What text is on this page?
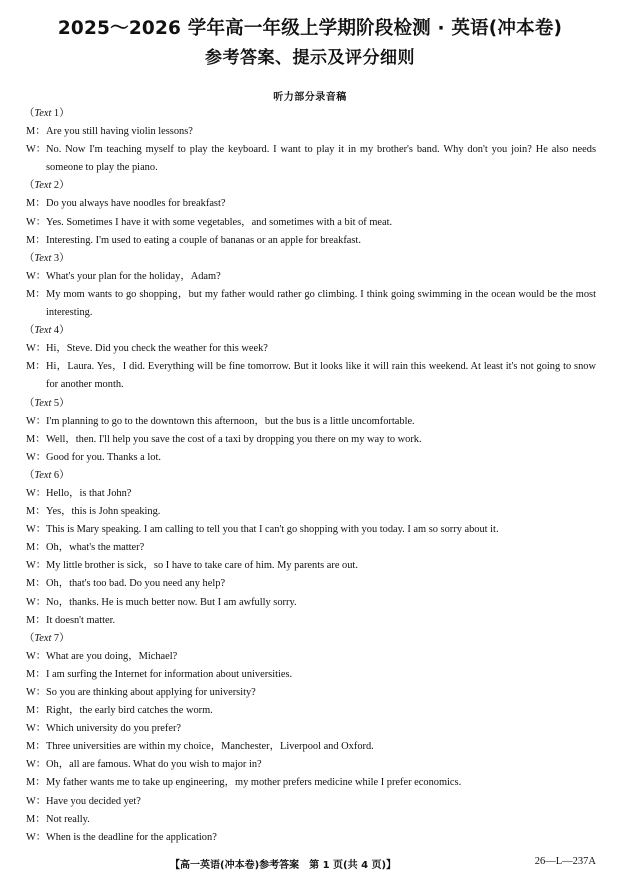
2025～2026 学年高一年级上学期阶段检测 · 英语(冲本卷)
参考答案、提示及评分细则
听力部分录音稿
（Text 1）
M： Are you still having violin lessons?
W： No. Now I'm teaching myself to play the keyboard. I want to play it in my brother's band. Why don't you join? He also needs someone to play the piano.
（Text 2）
M： Do you always have noodles for breakfast?
W： Yes. Sometimes I have it with some vegetables，and sometimes with a bit of meat.
M： Interesting. I'm used to eating a couple of bananas or an apple for breakfast.
（Text 3）
W： What's your plan for the holiday，Adam?
M： My mom wants to go shopping，but my father would rather go climbing. I think going swimming in the ocean would be the most interesting.
（Text 4）
W： Hi，Steve. Did you check the weather for this week?
M： Hi，Laura. Yes，I did. Everything will be fine tomorrow. But it looks like it will rain this weekend. At least it's not going to snow for another month.
（Text 5）
W： I'm planning to go to the downtown this afternoon，but the bus is a little uncomfortable.
M： Well，then. I'll help you save the cost of a taxi by dropping you there on my way to work.
W： Good for you. Thanks a lot.
（Text 6）
W： Hello，is that John?
M： Yes，this is John speaking.
W： This is Mary speaking. I am calling to tell you that I can't go shopping with you today. I am so sorry about it.
M： Oh，what's the matter?
W： My little brother is sick，so I have to take care of him. My parents are out.
M： Oh，that's too bad. Do you need any help?
W： No，thanks. He is much better now. But I am awfully sorry.
M： It doesn't matter.
（Text 7）
W： What are you doing，Michael?
M： I am surfing the Internet for information about universities.
W： So you are thinking about applying for university?
M： Right，the early bird catches the worm.
W： Which university do you prefer?
M： Three universities are within my choice，Manchester，Liverpool and Oxford.
W： Oh，all are famous. What do you wish to major in?
M： My father wants me to take up engineering，my mother prefers medicine while I prefer economics.
W： Have you decided yet?
M： Not really.
W： When is the deadline for the application?
【高一英语(冲本卷)参考答案　第 1 页(共 4 页)】	26—L—237A
